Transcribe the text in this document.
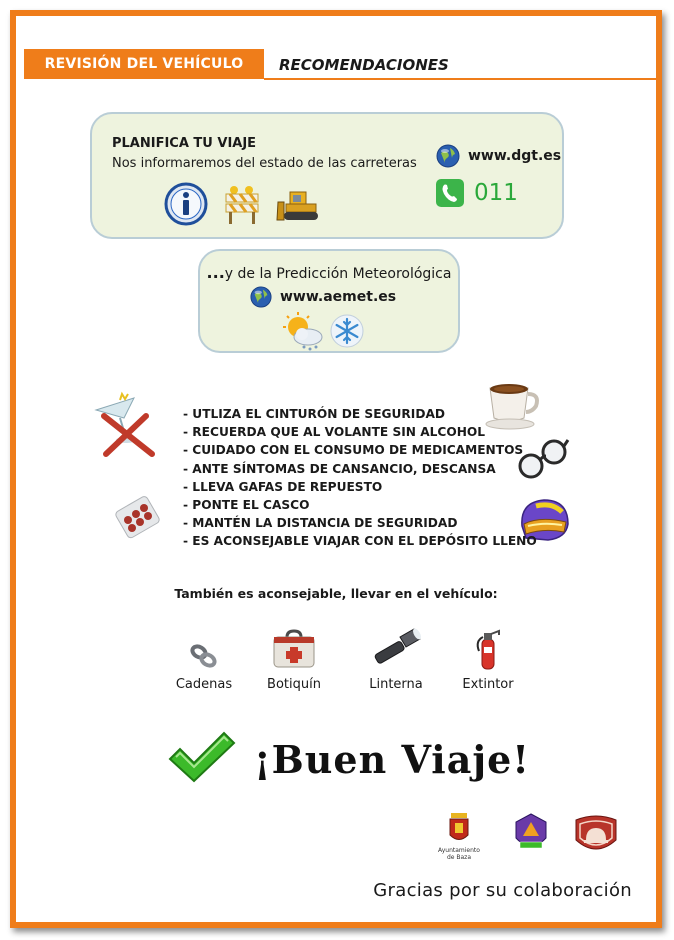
REVISIÓN DEL VEHÍCULO	RECOMENDACIONES
PLANIFICA TU VIAJE
Nos informaremos del estado de las carreteras	www.dgt.es
011
...y de la Predicción Meteorológica
www.aemet.es
- UTLIZA EL CINTURÓN DE SEGURIDAD
- RECUERDA QUE AL VOLANTE SIN ALCOHOL
- CUIDADO CON EL CONSUMO DE MEDICAMENTOS
- ANTE SÍNTOMAS DE CANSANCIO, DESCANSA
- LLEVA GAFAS DE REPUESTO
- PONTE EL CASCO
- MANTÉN LA DISTANCIA DE SEGURIDAD
- ES ACONSEJABLE VIAJAR CON EL DEPÓSITO LLENO
También es aconsejable, llevar en el vehículo:
Cadenas	Botiquín	Linterna	Extintor
¡Buen Viaje!
Ayuntamiento
de Baza
Gracias por su colaboración
